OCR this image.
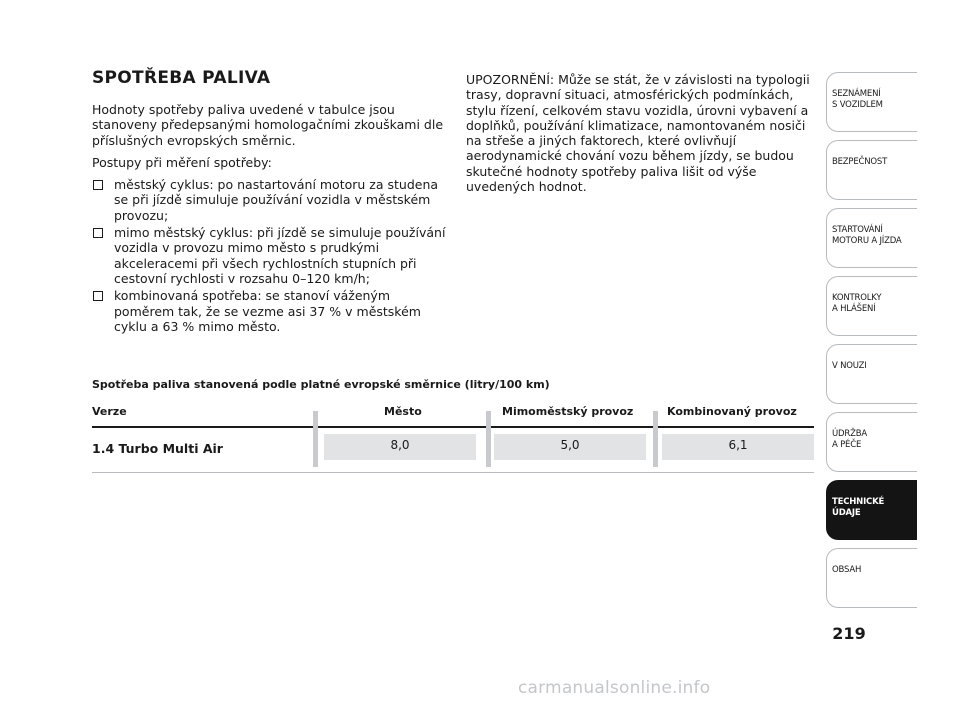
SPOTŘEBA PALIVA

Hodnoty spotřeby paliva uvedené v tabulce jsou stanoveny předepsanými homologačními zkouškami dle příslušných evropských směrnic.

Postupy při měření spotřeby:

městský cyklus: po nastartování motoru za studena se při jízdě simuluje používání vozidla v městském provozu;
mimo městský cyklus: při jízdě se simuluje používání vozidla v provozu mimo město s prudkými akceleracemi při všech rychlostních stupních při cestovní rychlosti v rozsahu 0–120 km/h;
kombinovaná spotřeba: se stanoví váženým poměrem tak, že se vezme asi 37 % v městském cyklu a 63 % mimo město.

UPOZORNĚNÍ: Může se stát, že v závislosti na typologii trasy, dopravní situaci, atmosférických podmínkách, stylu řízení, celkovém stavu vozidla, úrovni vybavení a doplňků, používání klimatizace, namontovaném nosiči na střeše a jiných faktorech, které ovlivňují aerodynamické chování vozu během jízdy, se budou skutečné hodnoty spotřeby paliva lišit od výše uvedených hodnot.

Spotřeba paliva stanovená podle platné evropské směrnice (litry/100 km)
Verze	Město	Mimoměstský provoz	Kombinovaný provoz
1.4 Turbo Multi Air	8,0	5,0	6,1
SEZNÁMENÍ
S VOZIDLEM
BEZPEČNOST
STARTOVÁNÍ
MOTORU A JÍZDA
KONTROLKY
A HLÁŠENÍ
V NOUZI
ÚDRŽBA
A PÉČE
TECHNICKÉ
ÚDAJE
OBSAH
219
carmanualsonline.info
